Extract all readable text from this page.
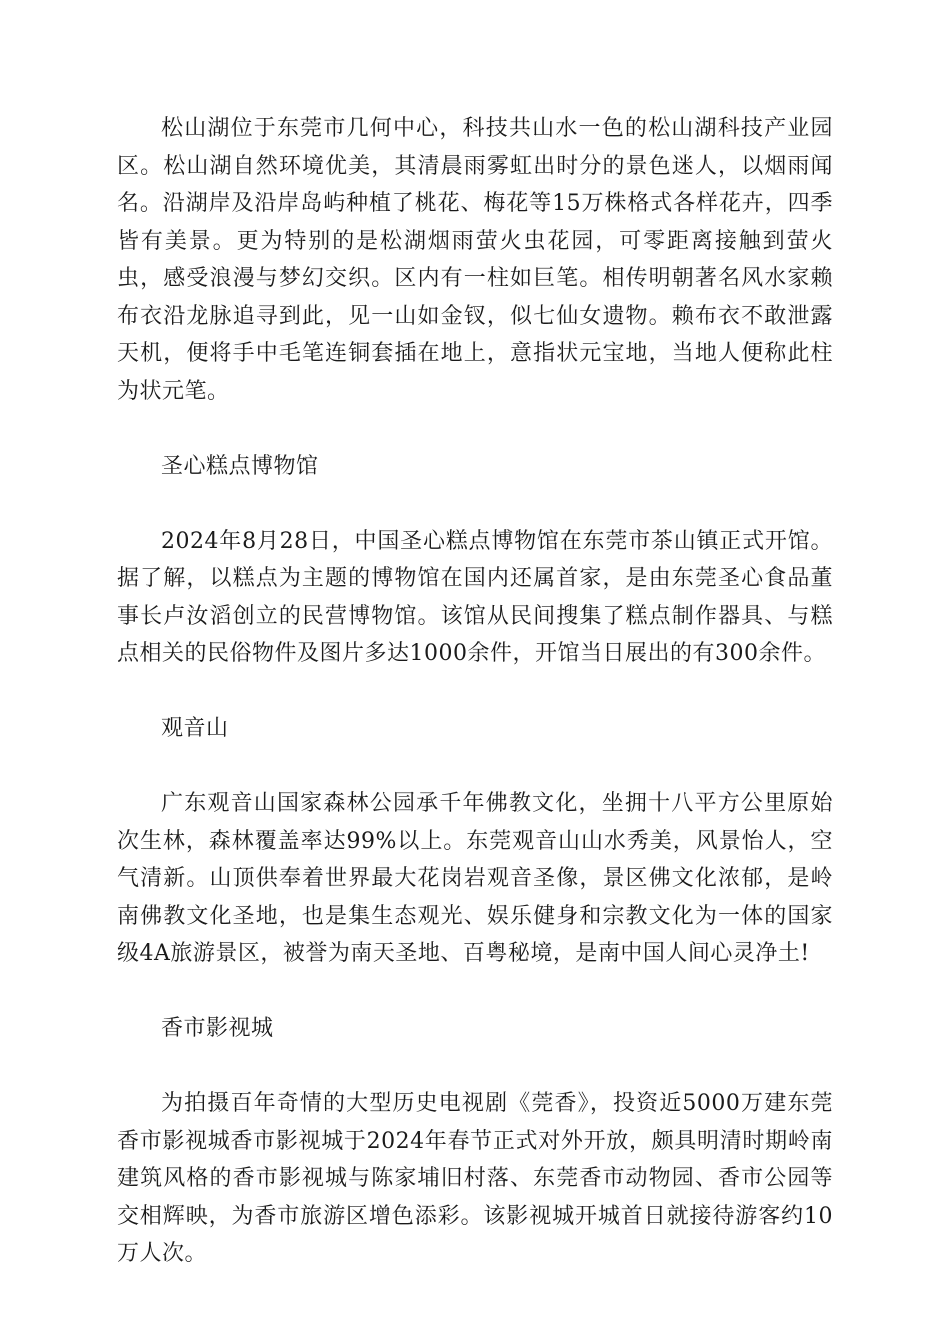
松山湖位于东莞市几何中心，科技共山水一色的松山湖科技产业园区。松山湖自然环境优美，其清晨雨雾虹出时分的景色迷人，以烟雨闻名。沿湖岸及沿岸岛屿种植了桃花、梅花等15万株格式各样花卉，四季皆有美景。更为特别的是松湖烟雨萤火虫花园，可零距离接触到萤火虫，感受浪漫与梦幻交织。区内有一柱如巨笔。相传明朝著名风水家赖布衣沿龙脉追寻到此，见一山如金钗，似七仙女遗物。赖布衣不敢泄露天机，便将手中毛笔连铜套插在地上，意指状元宝地，当地人便称此柱为状元笔。

圣心糕点博物馆

2024年8月28日，中国圣心糕点博物馆在东莞市茶山镇正式开馆。据了解，以糕点为主题的博物馆在国内还属首家，是由东莞圣心食品董事长卢汝滔创立的民营博物馆。该馆从民间搜集了糕点制作器具、与糕点相关的民俗物件及图片多达1000余件，开馆当日展出的有300余件。

观音山

广东观音山国家森林公园承千年佛教文化，坐拥十八平方公里原始次生林，森林覆盖率达99%以上。东莞观音山山水秀美，风景怡人，空气清新。山顶供奉着世界最大花岗岩观音圣像，景区佛文化浓郁，是岭南佛教文化圣地，也是集生态观光、娱乐健身和宗教文化为一体的国家级4A旅游景区，被誉为南天圣地、百粤秘境，是南中国人间心灵净土!

香市影视城

为拍摄百年奇情的大型历史电视剧《莞香》，投资近5000万建东莞香市影视城香市影视城于2024年春节正式对外开放，颇具明清时期岭南建筑风格的香市影视城与陈家埔旧村落、东莞香市动物园、香市公园等交相辉映，为香市旅游区增色添彩。该影视城开城首日就接待游客约10万人次。
